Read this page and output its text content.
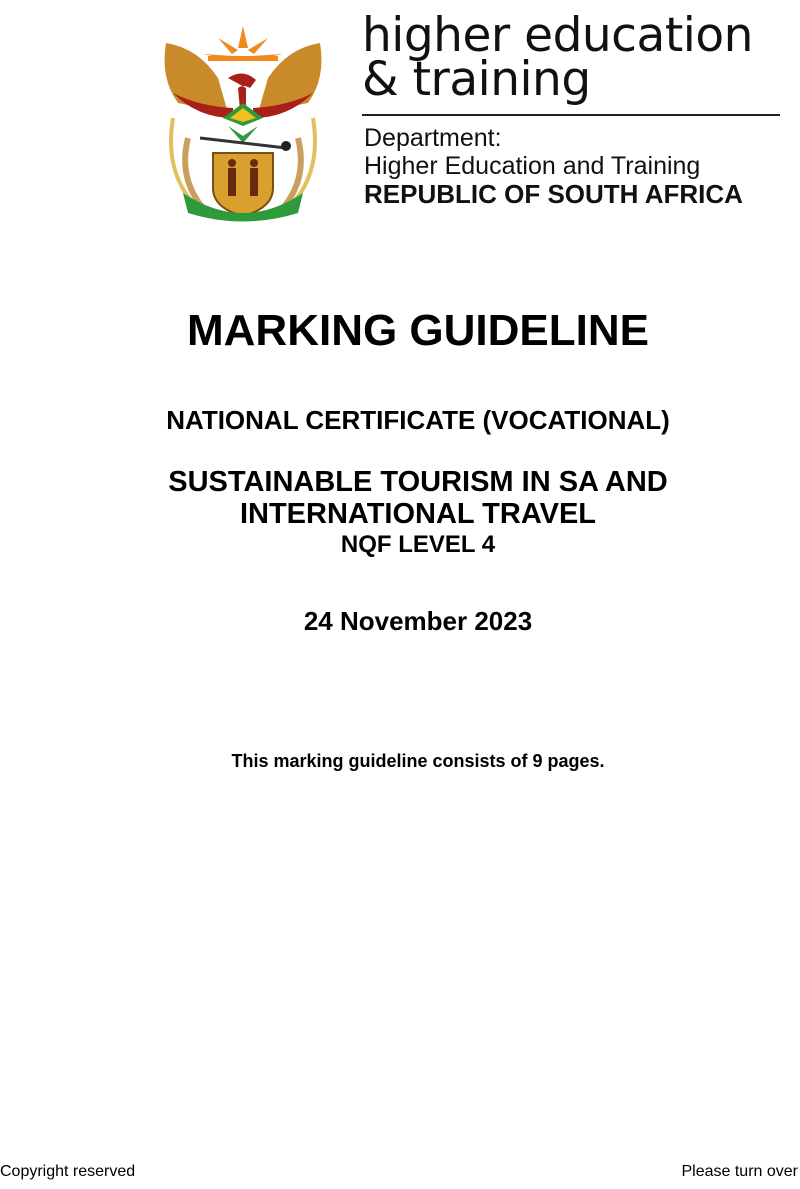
higher education
& training
Department:
Higher Education and Training
REPUBLIC OF SOUTH AFRICA
MARKING GUIDELINE
NATIONAL CERTIFICATE (VOCATIONAL)
SUSTAINABLE TOURISM IN SA AND
INTERNATIONAL TRAVEL
NQF LEVEL 4
24 November 2023
This marking guideline consists of 9 pages.
Copyright reserved	Please turn over
